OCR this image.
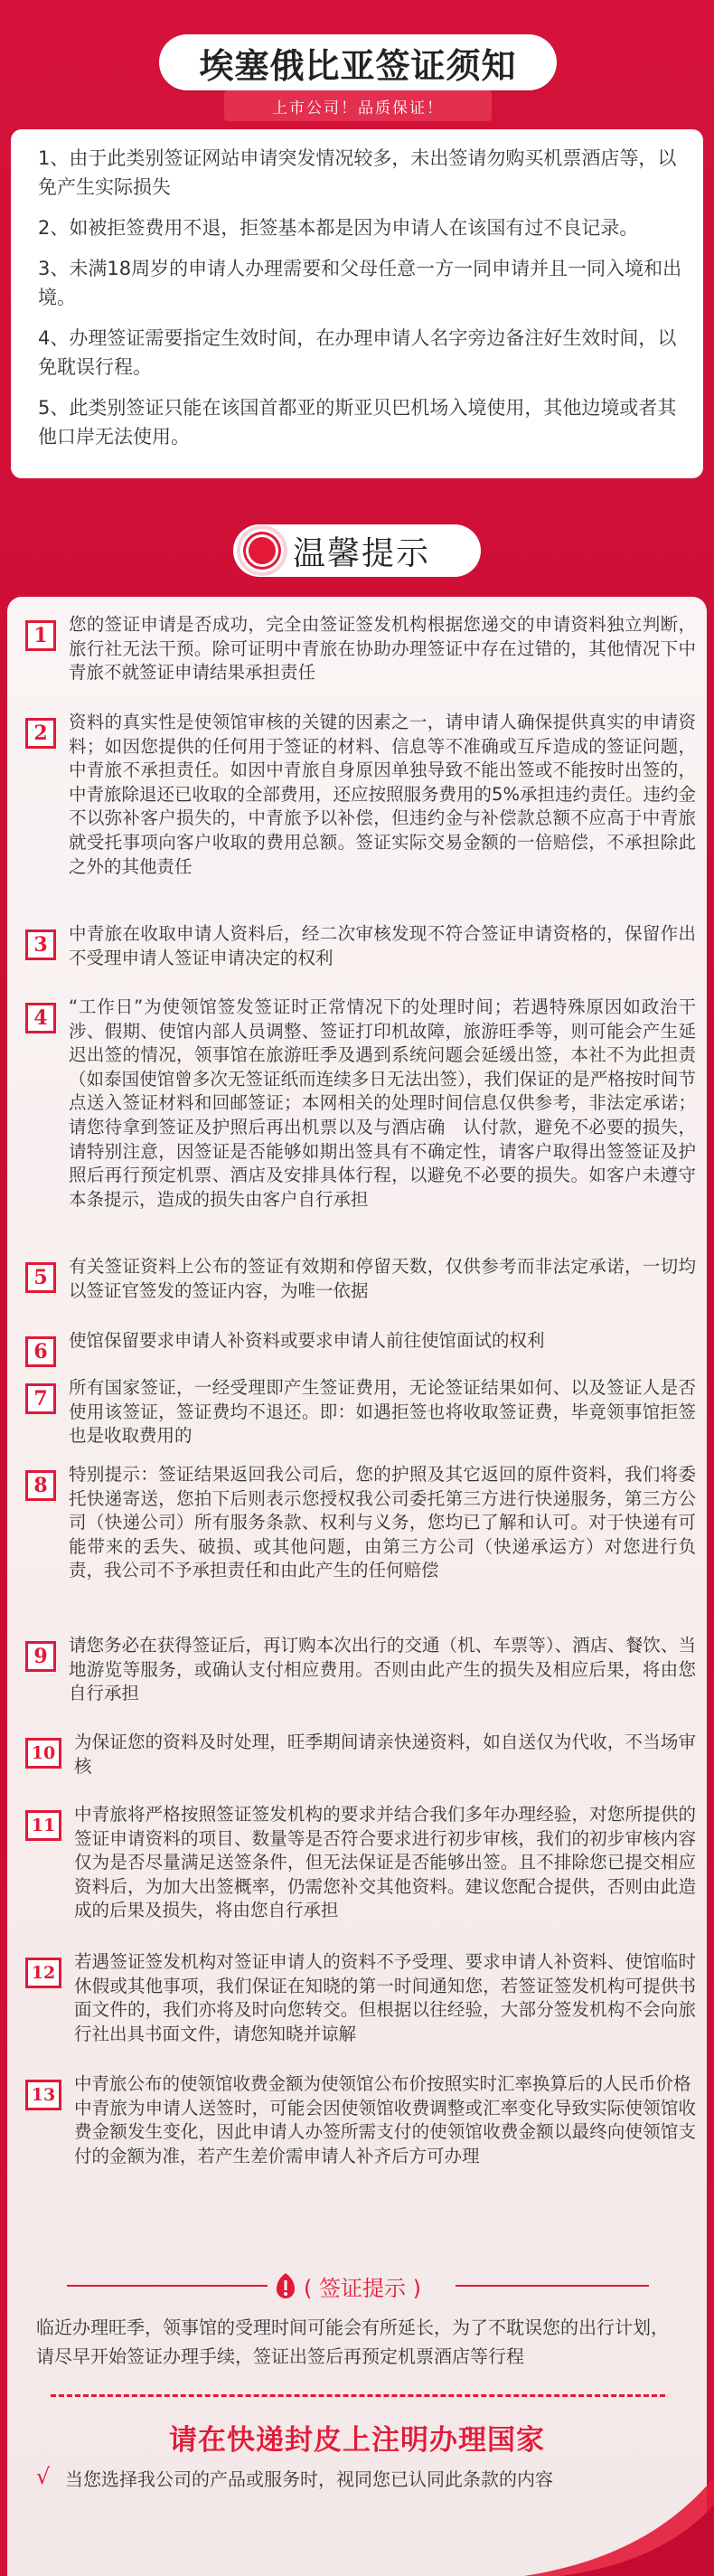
埃塞俄比亚签证须知
上市公司！品质保证！
1、由于此类别签证网站申请突发情况较多，未出签请勿购买机票酒店等，以免产生实际损失
2、如被拒签费用不退，拒签基本都是因为申请人在该国有过不良记录。
3、未满18周岁的申请人办理需要和父母任意一方一同申请并且一同入境和出境。
4、办理签证需要指定生效时间，在办理申请人名字旁边备注好生效时间，以免耽误行程。
5、此类别签证只能在该国首都亚的斯亚贝巴机场入境使用，其他边境或者其他口岸无法使用。
温馨提示
1 您的签证申请是否成功，完全由签证签发机构根据您递交的申请资料独立判断，旅行社无法干预。除可证明中青旅在协助办理签证中存在过错的，其他情况下中青旅不就签证申请结果承担责任
2 资料的真实性是使领馆审核的关键的因素之一，请申请人确保提供真实的申请资料；如因您提供的任何用于签证的材料、信息等不准确或互斥造成的签证问题，中青旅不承担责任。如因中青旅自身原因单独导致不能出签或不能按时出签的，中青旅除退还已收取的全部费用，还应按照服务费用的5%承担违约责任。违约金不以弥补客户损失的，中青旅予以补偿，但违约金与补偿款总额不应高于中青旅就受托事项向客户收取的费用总额。签证实际交易金额的一倍赔偿，不承担除此之外的其他责任
3 中青旅在收取申请人资料后，经二次审核发现不符合签证申请资格的，保留作出不受理申请人签证申请决定的权利
4 “工作日”为使领馆签发签证时正常情况下的处理时间；若遇特殊原因如政治干涉、假期、使馆内部人员调整、签证打印机故障，旅游旺季等，则可能会产生延迟出签的情况，领事馆在旅游旺季及遇到系统问题会延缓出签，本社不为此担责（如泰国使馆曾多次无签证纸而连续多日无法出签），我们保证的是严格按时间节点送入签证材料和回邮签证；本网相关的处理时间信息仅供参考，非法定承诺；请您待拿到签证及护照后再出机票以及与酒店确　认付款，避免不必要的损失，请特别注意，因签证是否能够如期出签具有不确定性，请客户取得出签签证及护照后再行预定机票、酒店及安排具体行程，以避免不必要的损失。如客户未遵守本条提示，造成的损失由客户自行承担
5 有关签证资料上公布的签证有效期和停留天数，仅供参考而非法定承诺，一切均以签证官签发的签证内容，为唯一依据
6 使馆保留要求申请人补资料或要求申请人前往使馆面试的权利
7 所有国家签证，一经受理即产生签证费用，无论签证结果如何、以及签证人是否使用该签证，签证费均不退还。即：如遇拒签也将收取签证费，毕竟领事馆拒签也是收取费用的
8 特别提示：签证结果返回我公司后，您的护照及其它返回的原件资料，我们将委托快递寄送，您拍下后则表示您授权我公司委托第三方进行快递服务，第三方公司（快递公司）所有服务条款、权利与义务，您均已了解和认可。对于快递有可能带来的丢失、破损、或其他问题，由第三方公司（快递承运方）对您进行负责，我公司不予承担责任和由此产生的任何赔偿
9 请您务必在获得签证后，再订购本次出行的交通（机、车票等）、酒店、餐饮、当地游览等服务，或确认支付相应费用。否则由此产生的损失及相应后果，将由您自行承担
10
为保证您的资料及时处理，旺季期间请亲快递资料，如自送仅为代收，不当场审核
11
中青旅将严格按照签证签发机构的要求并结合我们多年办理经验，对您所提供的签证申请资料的项目、数量等是否符合要求进行初步审核，我们的初步审核内容仅为是否尽量满足送签条件，但无法保证是否能够出签。且不排除您已提交相应资料后，为加大出签概率，仍需您补交其他资料。建议您配合提供，否则由此造成的后果及损失，将由您自行承担
12
若遇签证签发机构对签证申请人的资料不予受理、要求申请人补资料、使馆临时休假或其他事项，我们保证在知晓的第一时间通知您，若签证签发机构可提供书面文件的，我们亦将及时向您转交。但根据以往经验，大部分签发机构不会向旅行社出具书面文件，请您知晓并谅解
13
中青旅公布的使领馆收费金额为使领馆公布价按照实时汇率换算后的人民币价格
中青旅为申请人送签时，可能会因使领馆收费调整或汇率变化导致实际使领馆收费金额发生变化，因此申请人办签所需支付的使领馆收费金额以最终向使领馆支付的金额为准，若产生差价需申请人补齐后方可办理
( 签证提示 )
临近办理旺季，领事馆的受理时间可能会有所延长，为了不耽误您的出行计划，请尽早开始签证办理手续，签证出签后再预定机票酒店等行程
请在快递封皮上注明办理国家
√ 当您选择我公司的产品或服务时，视同您已认同此条款的内容
